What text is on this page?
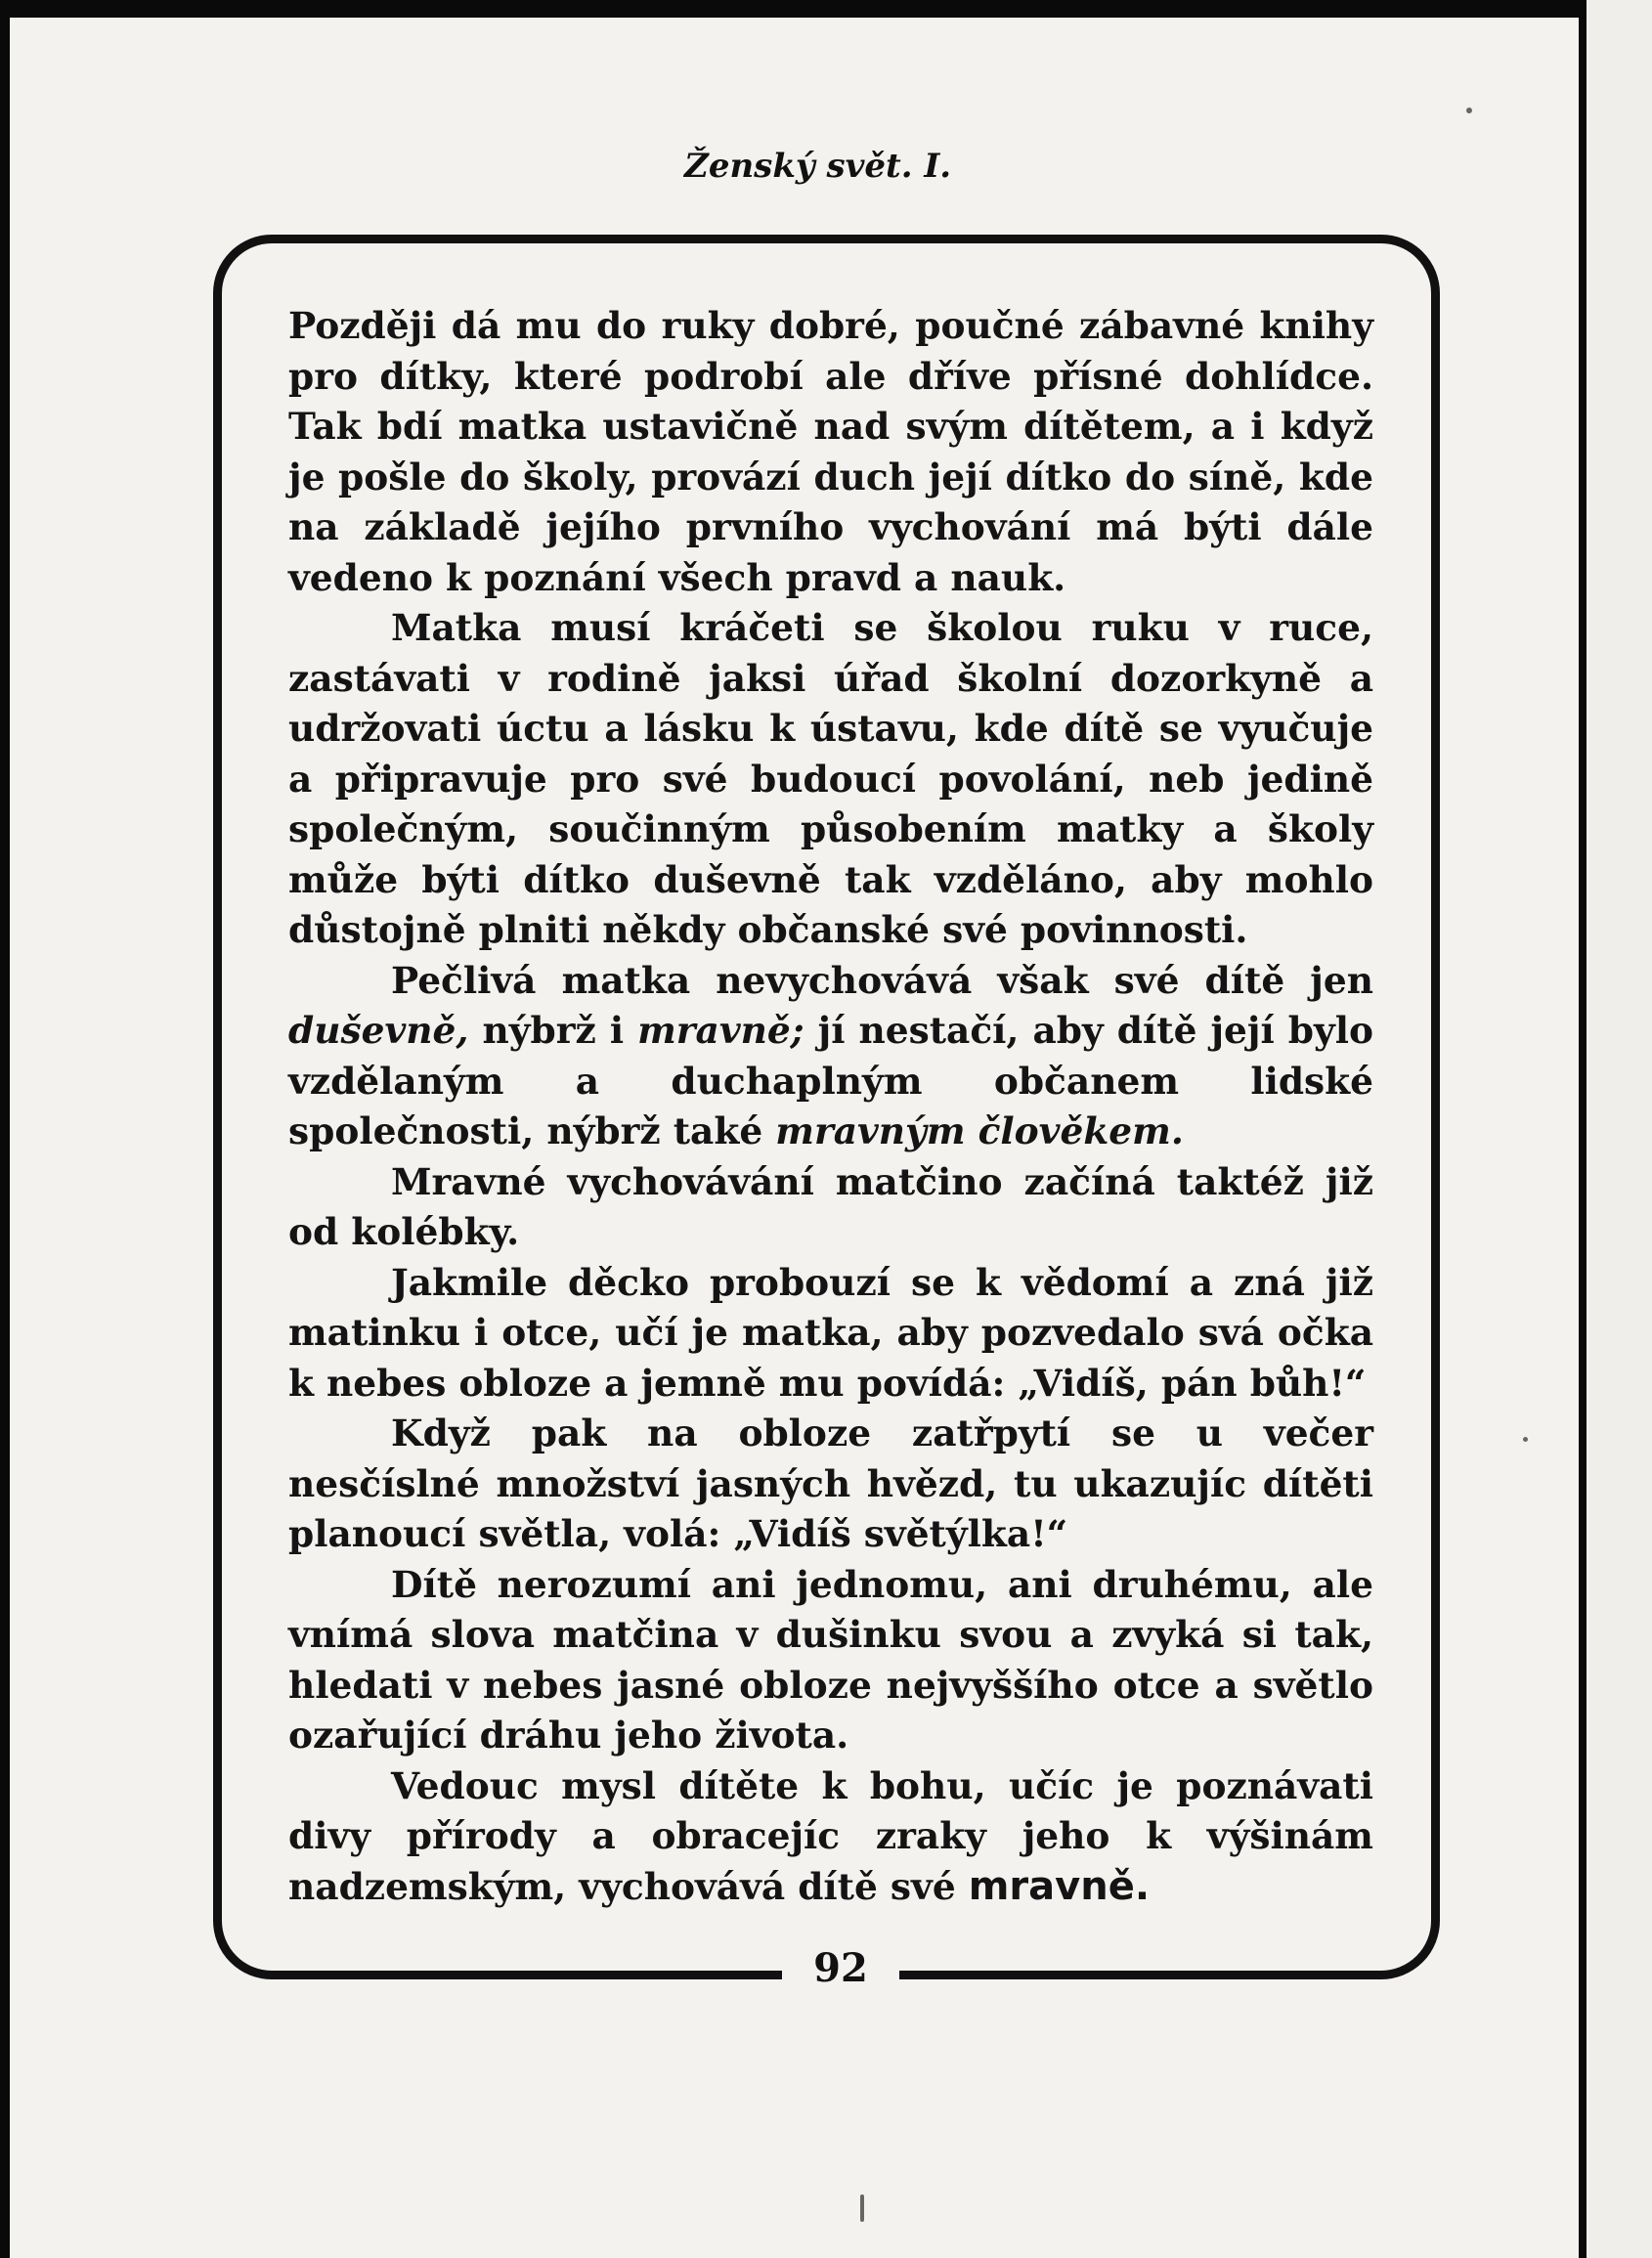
Ženský svět. I.
92

Později dá mu do ruky dobré, poučné zábavné knihy pro dítky, které podrobí ale dříve přísné dohlídce. Tak bdí matka ustavičně nad svým dítětem, a i když je pošle do školy, provází duch její dítko do síně, kde na základě jejího prvního vychování má býti dále vedeno k poznání všech pravd a nauk.

Matka musí kráčeti se školou ruku v ruce, zastávati v rodině jaksi úřad školní dozorkyně a udržovati úctu a lásku k ústavu, kde dítě se vyučuje a připravuje pro své budoucí povolání, neb jedině společným, součinným působením matky a školy může býti dítko duševně tak vzděláno, aby mohlo důstojně plniti někdy občanské své povinnosti.

Pečlivá matka nevychovává však své dítě jen duševně, nýbrž i mravně; jí nestačí, aby dítě její bylo vzdělaným a duchaplným občanem lidské společnosti, nýbrž také mravným člověkem.

Mravné vychovávání matčino začíná taktéž již od kolébky.

Jakmile děcko probouzí se k vědomí a zná již matinku i otce, učí je matka, aby pozvedalo svá očka k nebes obloze a jemně mu povídá: „Vidíš, pán bůh!“

Když pak na obloze zatřpytí se u večer nesčíslné množství jasných hvězd, tu ukazujíc dítěti planoucí světla, volá: „Vidíš světýlka!“

Dítě nerozumí ani jednomu, ani druhému, ale vnímá slova matčina v dušinku svou a zvyká si tak, hledati v nebes jasné obloze nejvyššího otce a světlo ozařující dráhu jeho života.

Vedouc mysl dítěte k bohu, učíc je poznávati divy přírody a obracejíc zraky jeho k výšinám nadzemským, vychovává dítě své mravně.
